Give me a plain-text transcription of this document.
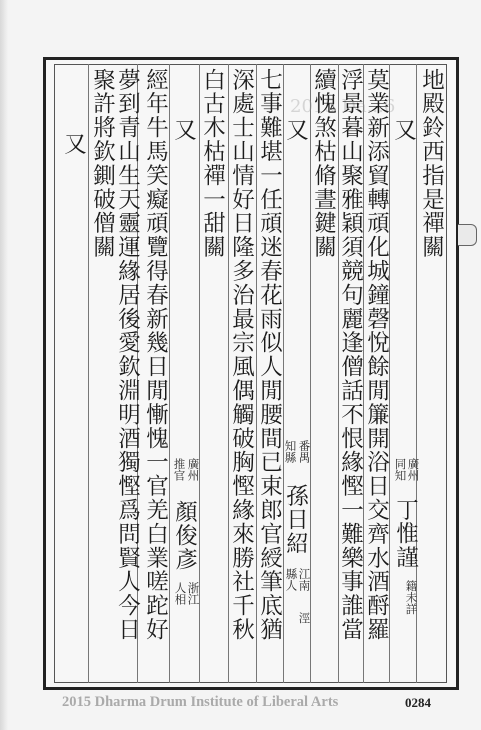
2015 Da...6 地殿鈴西指是禪關
又
廣州
同知
丁惟謹
籍未詳
莫業新添貿轉頑化城鐘磬悅餘閒簾開浴日交齊水酒酹羅
浮景暮山聚雅穎須競句麗逢僧話不恨緣慳一難樂事誰當
續愧煞枯脩晝鍵關
又
番禺
知縣
孫日紹
江南
縣人
涇
七事難堪一任頑迷春花雨似人閒腰間已束郎官綬筆底猶
深處士山情好日隆多治最宗風偶觸破胸慳緣來勝社千秋
白古木枯禪一甜關
又
廣州
推官
顏俊彥
浙江
人相
經年牛馬笑癡頑覽得春新幾日閒慚愧一官羌白業嗟跎好
夢到青山生天靈運緣居後愛欽淵明酒獨慳爲問賢人今日
聚許將欽鍘破僧關
又
2015 Dharma Drum Institute of Liberal Arts	0284
